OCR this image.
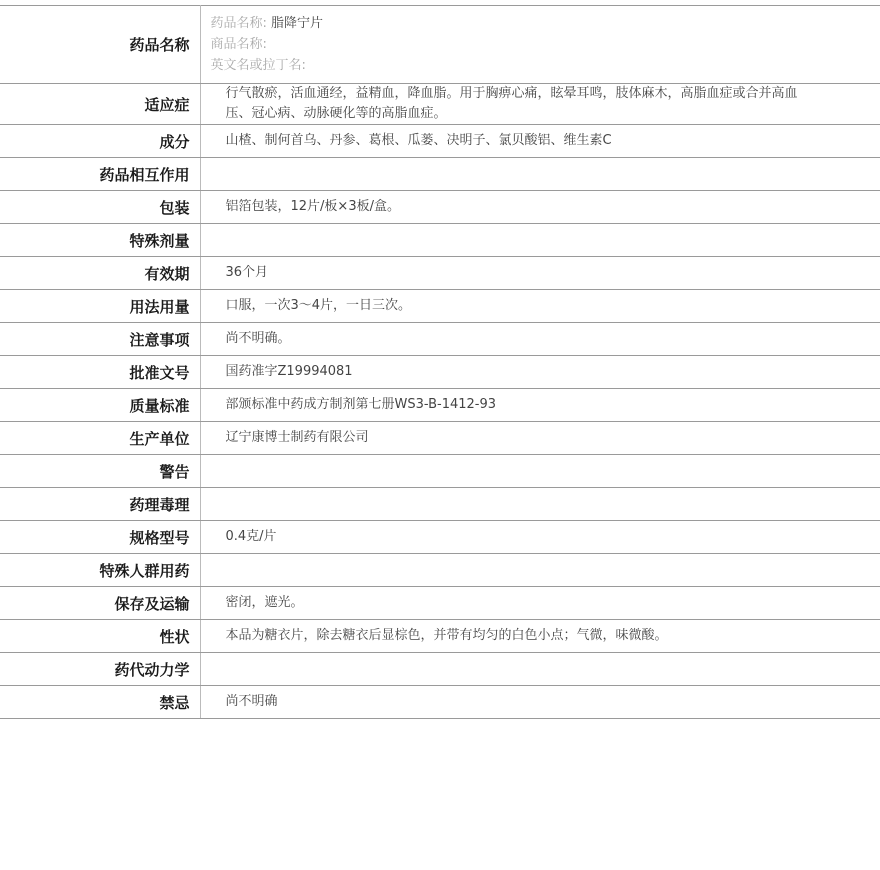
药品名称	药品名称: 脂降宁片
商品名称:
英文名或拉丁名:

适应症	行气散瘀，活血通经，益精血，降血脂。用于胸痹心痛，眩晕耳鸣，肢体麻木，高脂血症或合并高血压、冠心病、动脉硬化等的高脂血症。
成分	山楂、制何首乌、丹参、葛根、瓜蒌、决明子、氯贝酸铝、维生素C
药品相互作用	
包装	铝箔包装，12片/板×3板/盒。
特殊剂量	
有效期	36个月
用法用量	口服，一次3～4片，一日三次。
注意事项	尚不明确。
批准文号	国药准字Z19994081
质量标准	部颁标准中药成方制剂第七册WS3-B-1412-93
生产单位	辽宁康博士制药有限公司
警告	
药理毒理	
规格型号	0.4克/片
特殊人群用药	
保存及运输	密闭，遮光。
性状	本品为糖衣片，除去糖衣后显棕色，并带有均匀的白色小点；气微，味微酸。
药代动力学	
禁忌	尚不明确
